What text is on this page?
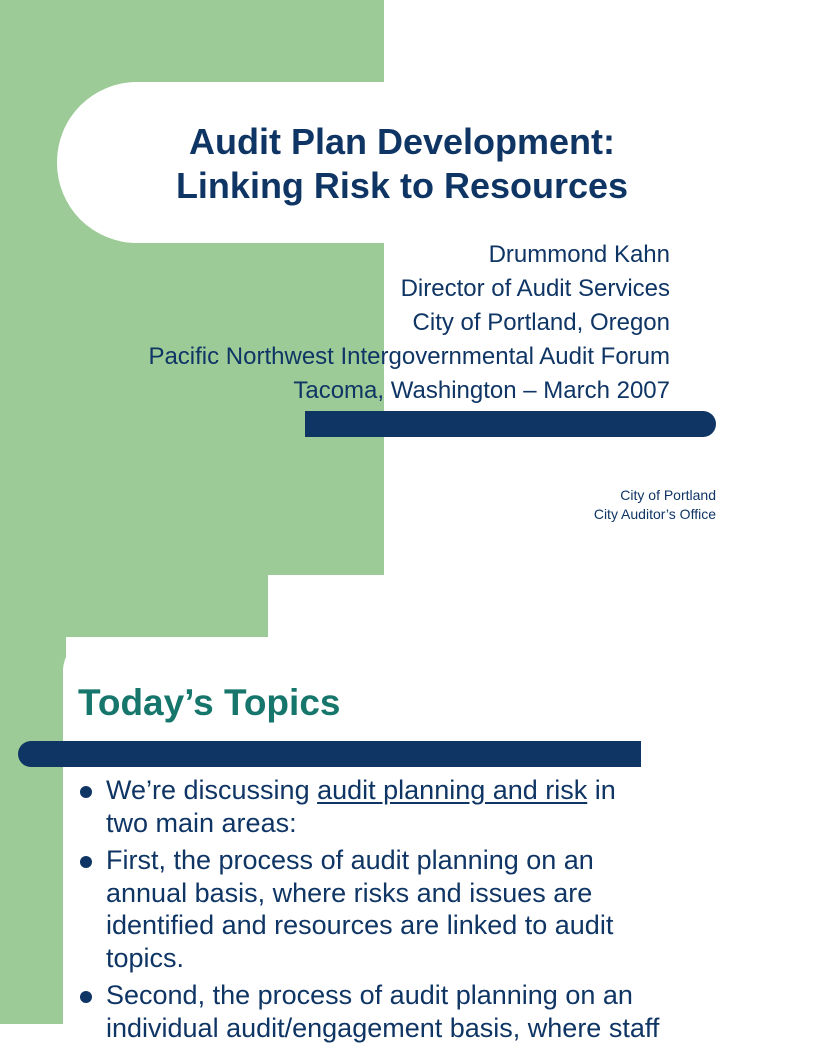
Audit Plan Development:
Linking Risk to Resources
Drummond Kahn
Director of Audit Services
City of Portland, Oregon
Pacific Northwest Intergovernmental Audit Forum
Tacoma, Washington – March 2007
City of Portland
City Auditor’s Office
Today’s Topics
We’re discussing audit planning and risk in
two main areas:
First, the process of audit planning on an
annual basis, where risks and issues are
identified and resources are linked to audit
topics.
Second, the process of audit planning on an
individual audit/engagement basis, where staff
